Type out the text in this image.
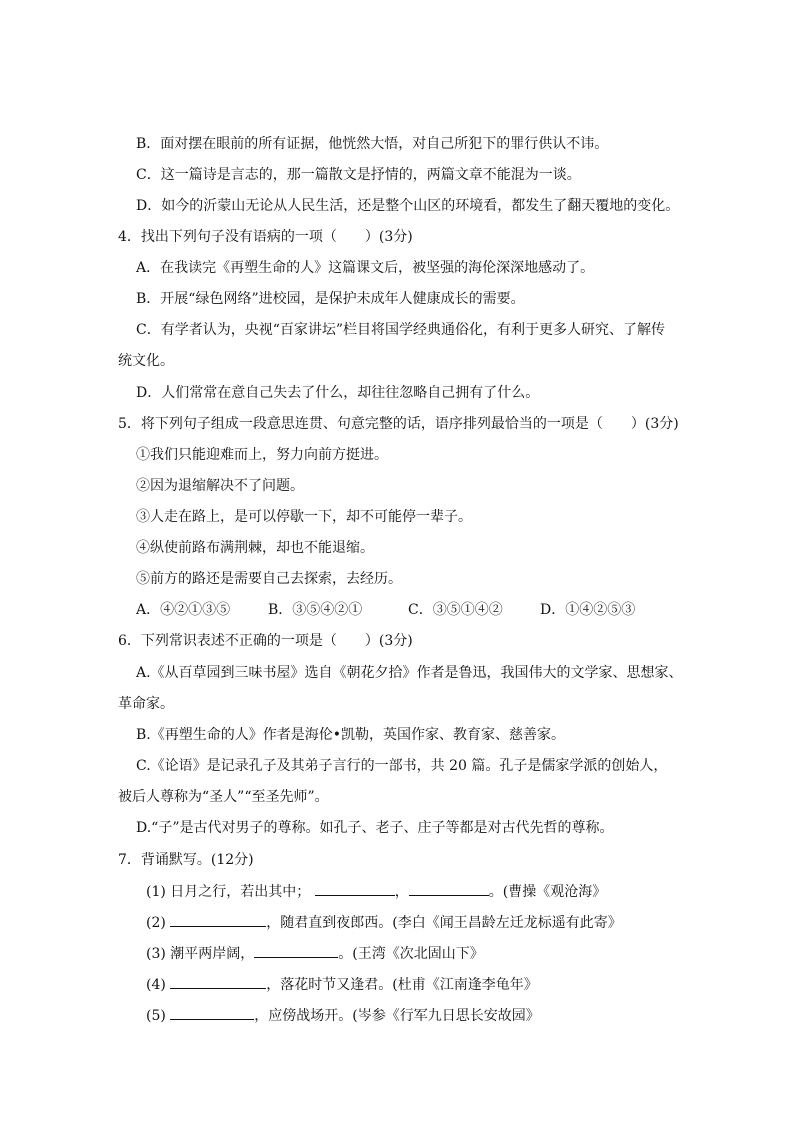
B．面对摆在眼前的所有证据，他恍然大悟，对自己所犯下的罪行供认不讳。
C．这一篇诗是言志的，那一篇散文是抒情的，两篇文章不能混为一谈。
D．如今的沂蒙山无论从人民生活，还是整个山区的环境看，都发生了翻天覆地的变化。
4．找出下列句子没有语病的一项（　　）(3分)
A．在我读完《再塑生命的人》这篇课文后，被坚强的海伦深深地感动了。
B．开展“绿色网络”进校园，是保护未成年人健康成长的需要。
C．有学者认为，央视“百家讲坛”栏目将国学经典通俗化，有利于更多人研究、了解传
统文化。
D．人们常常在意自己失去了什么，却往往忽略自己拥有了什么。
5．将下列句子组成一段意思连贯、句意完整的话，语序排列最恰当的一项是（　　）(3分)
①我们只能迎难而上，努力向前方挺进。
②因为退缩解决不了问题。
③人走在路上，是可以停歇一下，却不可能停一辈子。
④纵使前路布满荆棘，却也不能退缩。
⑤前方的路还是需要自己去探索，去经历。
A．④②①③⑤	B．③⑤④②①	C．③⑤①④②	D．①④②⑤③
6．下列常识表述不正确的一项是（　　）(3分)
A.《从百草园到三味书屋》选自《朝花夕拾》作者是鲁迅，我国伟大的文学家、思想家、
革命家。
B.《再塑生命的人》作者是海伦•凯勒，英国作家、教育家、慈善家。
C.《论语》是记录孔子及其弟子言行的一部书，共 20 篇。孔子是儒家学派的创始人，
被后人尊称为“圣人”“至圣先师”。
D.“子”是古代对男子的尊称。如孔子、老子、庄子等都是对古代先哲的尊称。
7．背诵默写。(12分)
(1) 日月之行，若出其中；	，	。(曹操《观沧海》
(2)	，随君直到夜郎西。(李白《闻王昌龄左迁龙标遥有此寄》
(3) 潮平两岸阔，	。(王湾《次北固山下》
(4)	，落花时节又逢君。(杜甫《江南逢李龟年》
(5)	，应傍战场开。(岑参《行军九日思长安故园》
